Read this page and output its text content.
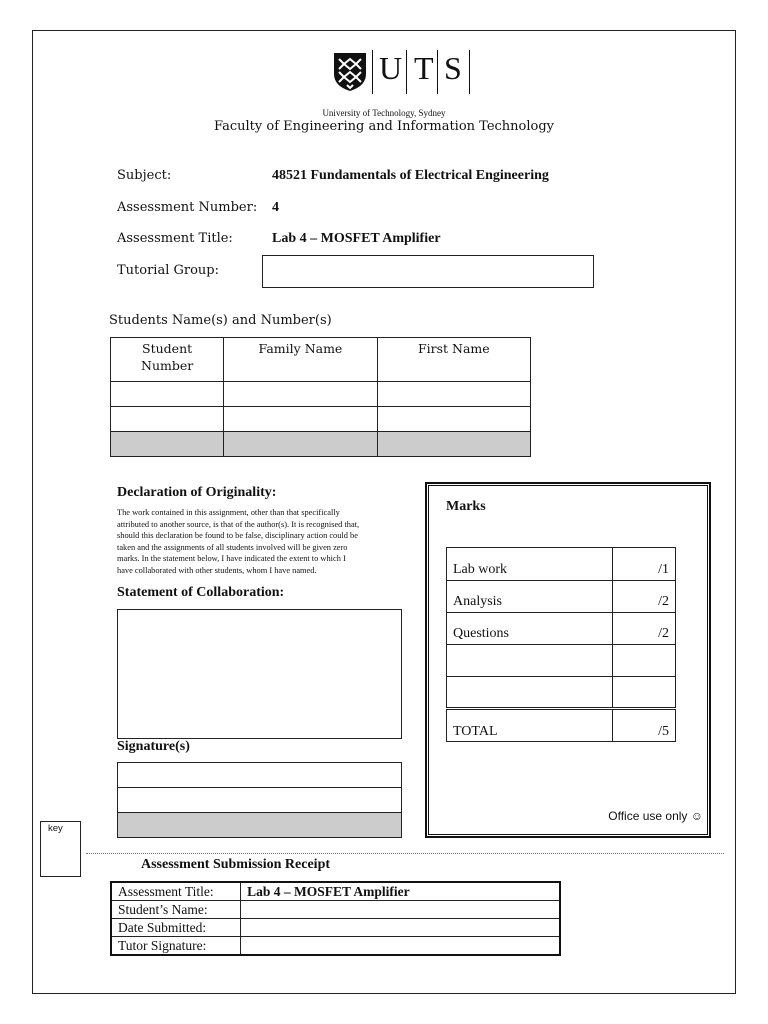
U T S
University of Technology, Sydney
Faculty of Engineering and Information Technology
Subject:	48521 Fundamentals of Electrical Engineering
Assessment Number: 4
Assessment Title:	Lab 4 – MOSFET Amplifier
Tutorial Group:
Students Name(s) and Number(s)
Student Number	Family Name	First Name

Declaration of Originality:
The work contained in this assignment, other than that specifically
attributed to another source, is that of the author(s). It is recognised that,
should this declaration be found to be false, disciplinary action could be
taken and the assignments of all students involved will be given zero
marks. In the statement below, I have indicated the extent to which I
have collaborated with other students, whom I have named.
Statement of Collaboration:
Signature(s)

Marks
Lab work	/1
Analysis	/2
Questions	/2

TOTAL	/5
Office use only ☺
key
Assessment Submission Receipt
Assessment Title:	Lab 4 – MOSFET Amplifier
Student’s Name:	
Date Submitted:	
Tutor Signature:	
